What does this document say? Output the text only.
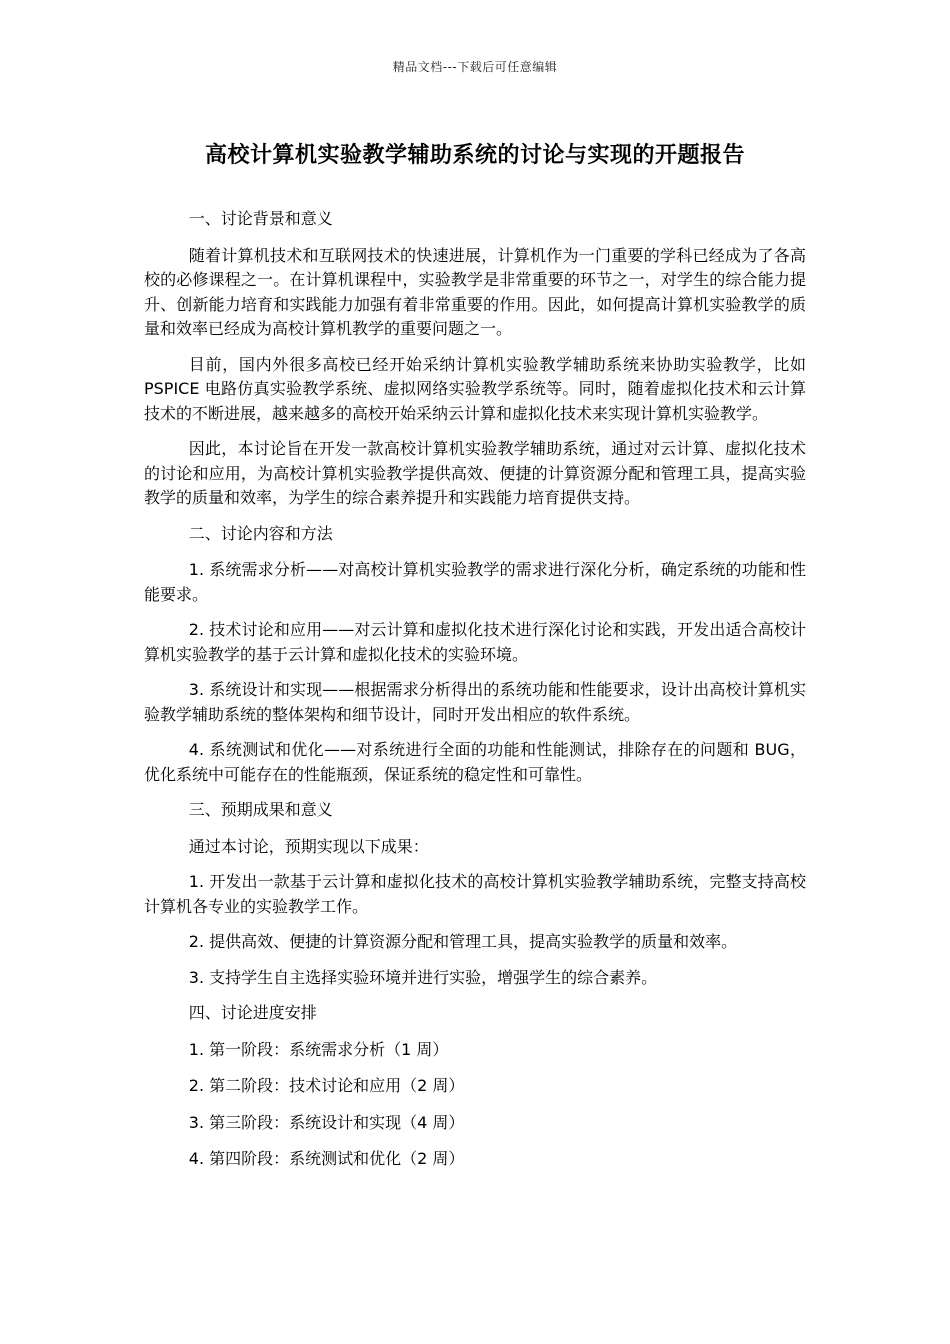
精品文档---下载后可任意编辑
高校计算机实验教学辅助系统的讨论与实现的开题报告

一、讨论背景和意义

随着计算机技术和互联网技术的快速进展，计算机作为一门重要的学科已经成为了各高校的必修课程之一。在计算机课程中，实验教学是非常重要的环节之一，对学生的综合能力提升、创新能力培育和实践能力加强有着非常重要的作用。因此，如何提高计算机实验教学的质量和效率已经成为高校计算机教学的重要问题之一。

目前，国内外很多高校已经开始采纳计算机实验教学辅助系统来协助实验教学，比如 PSPICE 电路仿真实验教学系统、虚拟网络实验教学系统等。同时，随着虚拟化技术和云计算技术的不断进展，越来越多的高校开始采纳云计算和虚拟化技术来实现计算机实验教学。

因此，本讨论旨在开发一款高校计算机实验教学辅助系统，通过对云计算、虚拟化技术的讨论和应用，为高校计算机实验教学提供高效、便捷的计算资源分配和管理工具，提高实验教学的质量和效率，为学生的综合素养提升和实践能力培育提供支持。

二、讨论内容和方法

1. 系统需求分析——对高校计算机实验教学的需求进行深化分析，确定系统的功能和性能要求。

2. 技术讨论和应用——对云计算和虚拟化技术进行深化讨论和实践，开发出适合高校计算机实验教学的基于云计算和虚拟化技术的实验环境。

3. 系统设计和实现——根据需求分析得出的系统功能和性能要求，设计出高校计算机实验教学辅助系统的整体架构和细节设计，同时开发出相应的软件系统。

4. 系统测试和优化——对系统进行全面的功能和性能测试，排除存在的问题和 BUG，优化系统中可能存在的性能瓶颈，保证系统的稳定性和可靠性。

三、预期成果和意义

通过本讨论，预期实现以下成果：

1. 开发出一款基于云计算和虚拟化技术的高校计算机实验教学辅助系统，完整支持高校计算机各专业的实验教学工作。

2. 提供高效、便捷的计算资源分配和管理工具，提高实验教学的质量和效率。

3. 支持学生自主选择实验环境并进行实验，增强学生的综合素养。

四、讨论进度安排

1. 第一阶段：系统需求分析（1 周）

2. 第二阶段：技术讨论和应用（2 周）

3. 第三阶段：系统设计和实现（4 周）

4. 第四阶段：系统测试和优化（2 周）
